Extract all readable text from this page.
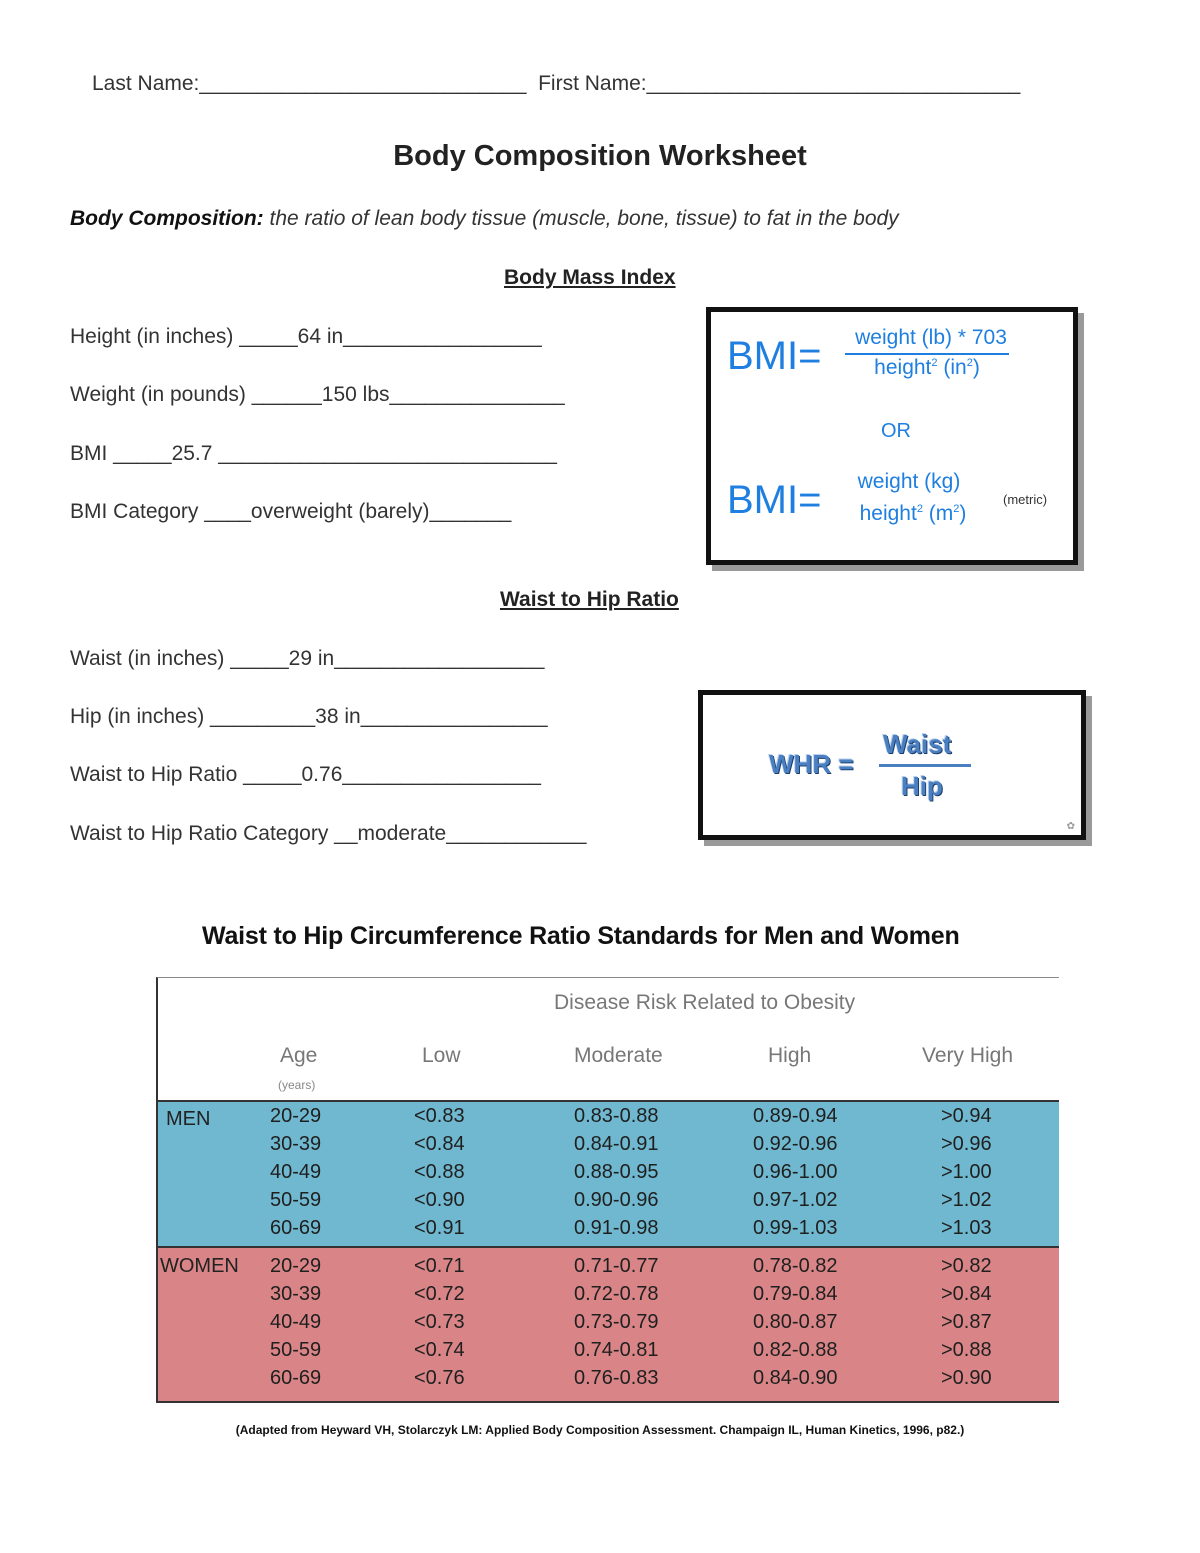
Last Name:____________________________ First Name:________________________________
Body Composition Worksheet
Body Composition: the ratio of lean body tissue (muscle, bone, tissue) to fat in the body
Body Mass Index
Height (in inches) _____64 in_________________
Weight (in pounds) ______150 lbs_______________
BMI _____25.7 _____________________________
BMI Category ____overweight (barely)_______
BMI=	weight (lb) * 703
height$^2$ $(in^2)$
OR
BMI=	weight (kg)
height$^2$ $(m^2)$
(metric)
Waist to Hip Ratio
Waist (in inches) _____29 in__________________
Hip (in inches) _________38 in________________
Waist to Hip Ratio _____0.76_________________
Waist to Hip Ratio Category __moderate____________
WHR =
Waist
Hip
✿
Waist to Hip Circumference Ratio Standards for Men and Women
Disease Risk Related to Obesity
Age	Low	Moderate	High	Very High
(years)
MEN	20-29	<0.83	0.83-0.88	0.89-0.94	>0.94
30-39	<0.84	0.84-0.91	0.92-0.96	>0.96
40-49	<0.88	0.88-0.95	0.96-1.00	>1.00
50-59	<0.90	0.90-0.96	0.97-1.02	>1.02
60-69	<0.91	0.91-0.98	0.99-1.03	>1.03
WOMEN 20-29	<0.71	0.71-0.77	0.78-0.82	>0.82
30-39	<0.72	0.72-0.78	0.79-0.84	>0.84
40-49	<0.73	0.73-0.79	0.80-0.87	>0.87
50-59	<0.74	0.74-0.81	0.82-0.88	>0.88
60-69	<0.76	0.76-0.83	0.84-0.90	>0.90
(Adapted from Heyward VH, Stolarczyk LM: Applied Body Composition Assessment. Champaign IL, Human Kinetics, 1996, p82.)
